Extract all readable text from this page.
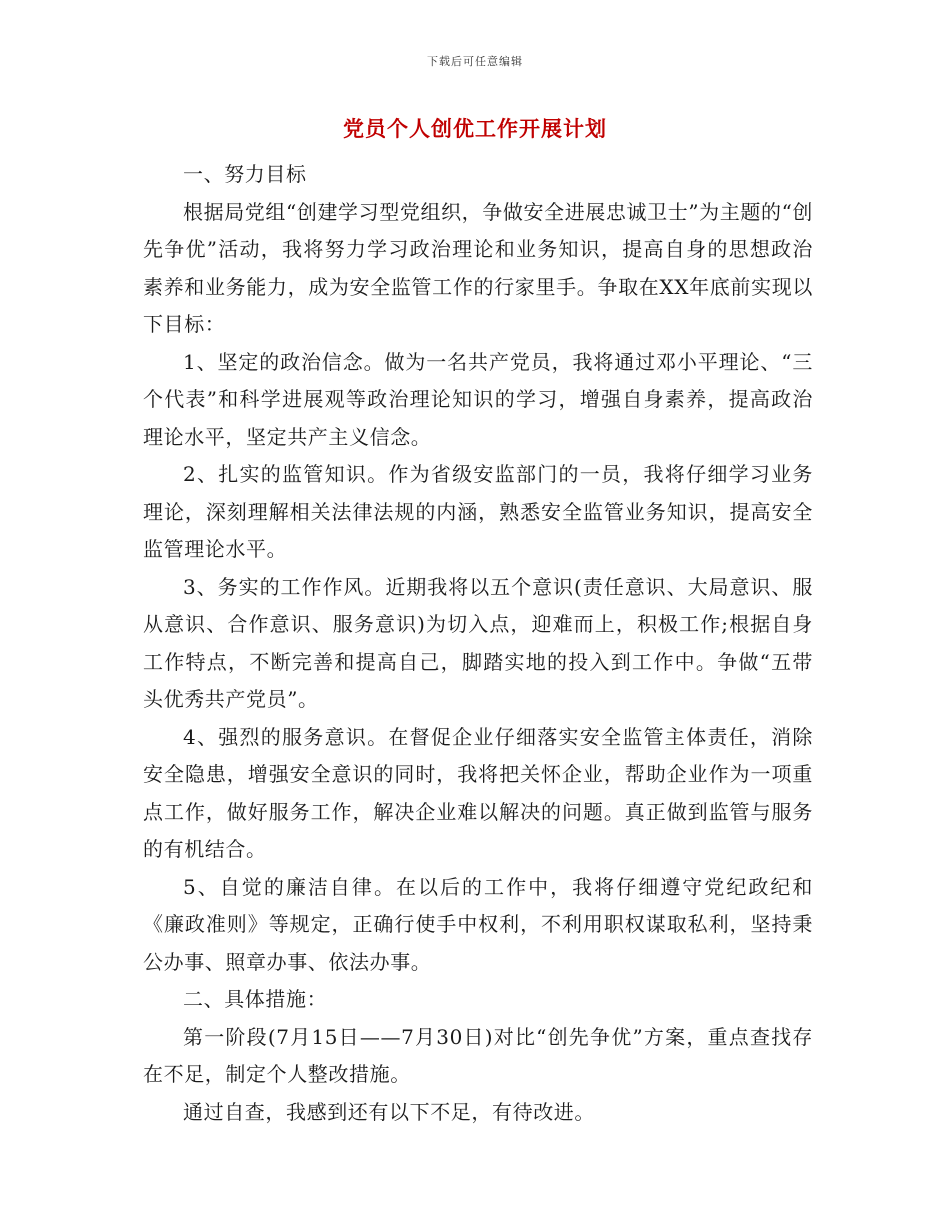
下载后可任意编辑
党员个人创优工作开展计划

一、努力目标

根据局党组“创建学习型党组织，争做安全进展忠诚卫士”为主题的“创先争优”活动，我将努力学习政治理论和业务知识，提高自身的思想政治素养和业务能力，成为安全监管工作的行家里手。争取在XX年底前实现以下目标：

1、坚定的政治信念。做为一名共产党员，我将通过邓小平理论、“三个代表”和科学进展观等政治理论知识的学习，增强自身素养，提高政治理论水平，坚定共产主义信念。

2、扎实的监管知识。作为省级安监部门的一员，我将仔细学习业务理论，深刻理解相关法律法规的内涵，熟悉安全监管业务知识，提高安全监管理论水平。

3、务实的工作作风。近期我将以五个意识(责任意识、大局意识、服从意识、合作意识、服务意识)为切入点，迎难而上，积极工作;根据自身工作特点，不断完善和提高自己，脚踏实地的投入到工作中。争做“五带头优秀共产党员”。

4、强烈的服务意识。在督促企业仔细落实安全监管主体责任，消除安全隐患，增强安全意识的同时，我将把关怀企业，帮助企业作为一项重点工作，做好服务工作，解决企业难以解决的问题。真正做到监管与服务的有机结合。

5、自觉的廉洁自律。在以后的工作中，我将仔细遵守党纪政纪和《廉政准则》等规定，正确行使手中权利，不利用职权谋取私利，坚持秉公办事、照章办事、依法办事。

二、具体措施：

第一阶段(7月15日——7月30日)对比“创先争优”方案，重点查找存在不足，制定个人整改措施。

通过自查，我感到还有以下不足，有待改进。
